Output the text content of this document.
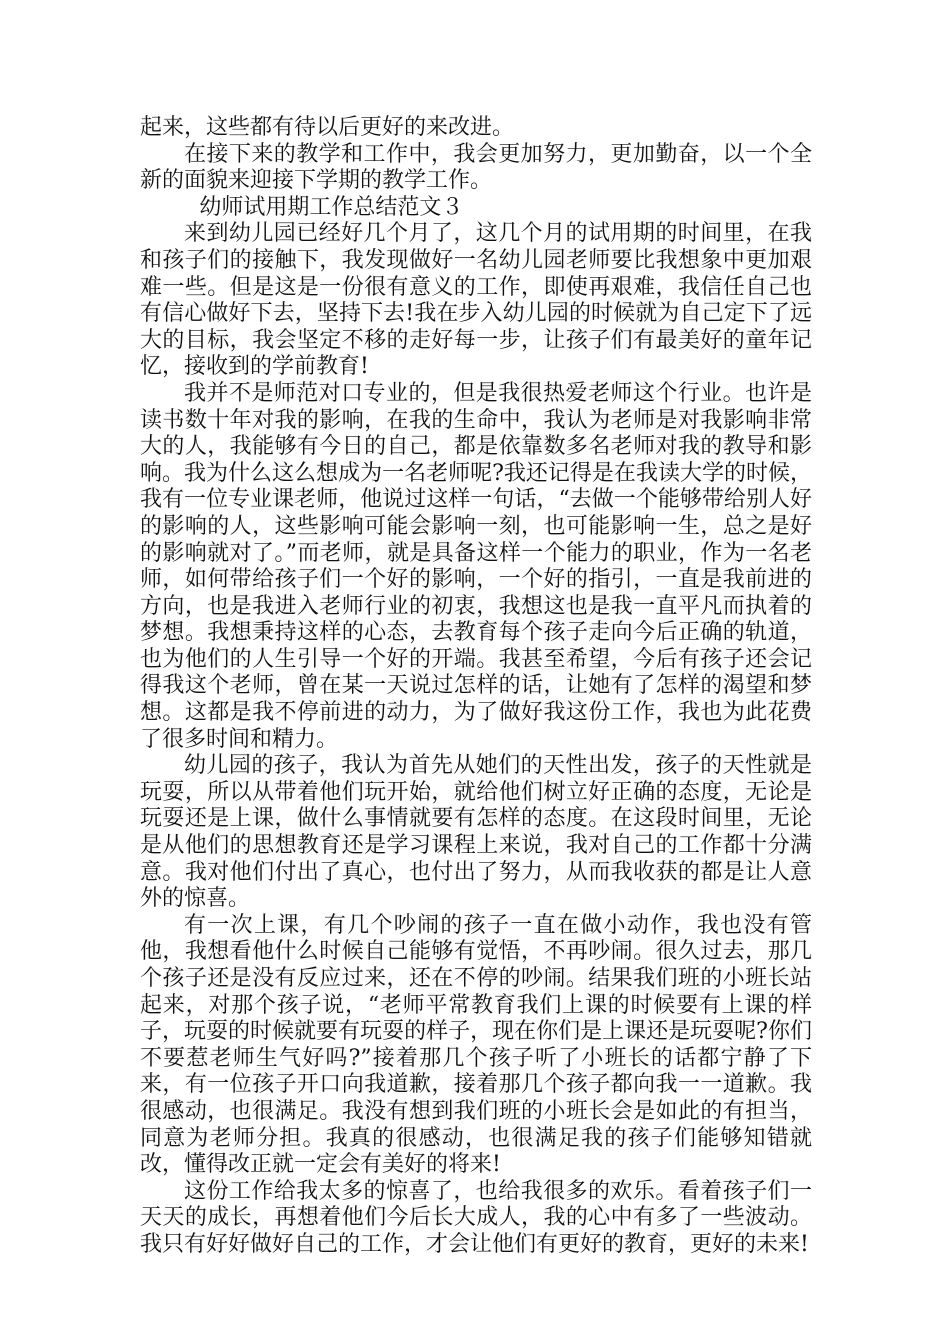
起来，这些都有待以后更好的来改进。

在接下来的教学和工作中，我会更加努力，更加勤奋，以一个全新的面貌来迎接下学期的教学工作。

幼师试用期工作总结范文３

来到幼儿园已经好几个月了，这几个月的试用期的时间里，在我和孩子们的接触下，我发现做好一名幼儿园老师要比我想象中更加艰难一些。但是这是一份很有意义的工作，即使再艰难，我信任自己也有信心做好下去，坚持下去!我在步入幼儿园的时候就为自己定下了远大的目标，我会坚定不移的走好每一步，让孩子们有最美好的童年记忆，接收到的学前教育!

我并不是师范对口专业的，但是我很热爱老师这个行业。也许是读书数十年对我的影响，在我的生命中，我认为老师是对我影响非常大的人，我能够有今日的自己，都是依靠数多名老师对我的教导和影响。我为什么这么想成为一名老师呢?我还记得是在我读大学的时候，我有一位专业课老师，他说过这样一句话，“去做一个能够带给别人好的影响的人，这些影响可能会影响一刻，也可能影响一生，总之是好的影响就对了。”而老师，就是具备这样一个能力的职业，作为一名老师，如何带给孩子们一个好的影响，一个好的指引，一直是我前进的方向，也是我进入老师行业的初衷，我想这也是我一直平凡而执着的梦想。我想秉持这样的心态，去教育每个孩子走向今后正确的轨道，也为他们的人生引导一个好的开端。我甚至希望，今后有孩子还会记得我这个老师，曾在某一天说过怎样的话，让她有了怎样的渴望和梦想。这都是我不停前进的动力，为了做好我这份工作，我也为此花费了很多时间和精力。

幼儿园的孩子，我认为首先从她们的天性出发，孩子的天性就是玩耍，所以从带着他们玩开始，就给他们树立好正确的态度，无论是玩耍还是上课，做什么事情就要有怎样的态度。在这段时间里，无论是从他们的思想教育还是学习课程上来说，我对自己的工作都十分满意。我对他们付出了真心，也付出了努力，从而我收获的都是让人意外的惊喜。

有一次上课，有几个吵闹的孩子一直在做小动作，我也没有管他，我想看他什么时候自己能够有觉悟，不再吵闹。很久过去，那几个孩子还是没有反应过来，还在不停的吵闹。结果我们班的小班长站起来，对那个孩子说，“老师平常教育我们上课的时候要有上课的样子，玩耍的时候就要有玩耍的样子，现在你们是上课还是玩耍呢?你们不要惹老师生气好吗?”接着那几个孩子听了小班长的话都宁静了下来，有一位孩子开口向我道歉，接着那几个孩子都向我一一道歉。我很感动，也很满足。我没有想到我们班的小班长会是如此的有担当，同意为老师分担。我真的很感动，也很满足我的孩子们能够知错就改，懂得改正就一定会有美好的将来!

这份工作给我太多的惊喜了，也给我很多的欢乐。看着孩子们一天天的成长，再想着他们今后长大成人，我的心中有多了一些波动。我只有好好做好自己的工作，才会让他们有更好的教育，更好的未来!
